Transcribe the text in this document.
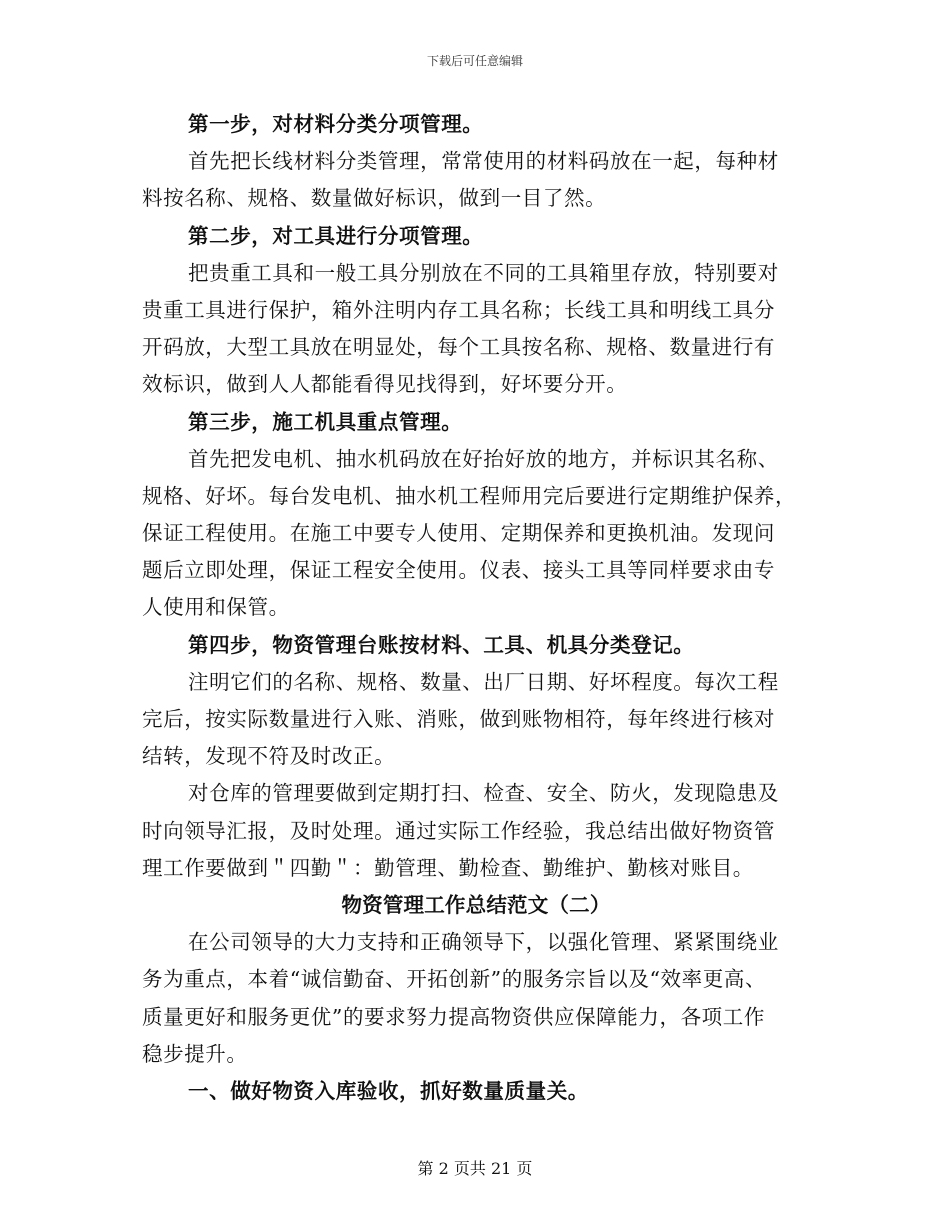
下载后可任意编辑
第一步，对材料分类分项管理。
首先把长线材料分类管理，常常使用的材料码放在一起，每种材
料按名称、规格、数量做好标识，做到一目了然。
第二步，对工具进行分项管理。
把贵重工具和一般工具分别放在不同的工具箱里存放，特别要对
贵重工具进行保护，箱外注明内存工具名称；长线工具和明线工具分
开码放，大型工具放在明显处，每个工具按名称、规格、数量进行有
效标识，做到人人都能看得见找得到，好坏要分开。
第三步，施工机具重点管理。
首先把发电机、抽水机码放在好抬好放的地方，并标识其名称、
规格、好坏。每台发电机、抽水机工程师用完后要进行定期维护保养，
保证工程使用。在施工中要专人使用、定期保养和更换机油。发现问
题后立即处理，保证工程安全使用。仪表、接头工具等同样要求由专
人使用和保管。
第四步，物资管理台账按材料、工具、机具分类登记。
注明它们的名称、规格、数量、出厂日期、好坏程度。每次工程
完后，按实际数量进行入账、消账，做到账物相符，每年终进行核对
结转，发现不符及时改正。
对仓库的管理要做到定期打扫、检查、安全、防火，发现隐患及
时向领导汇报，及时处理。通过实际工作经验，我总结出做好物资管
理工作要做到＂四勤＂：勤管理、勤检查、勤维护、勤核对账目。
物资管理工作总结范文（二）
在公司领导的大力支持和正确领导下，以强化管理、紧紧围绕业
务为重点，本着“诚信勤奋、开拓创新”的服务宗旨以及“效率更高、
质量更好和服务更优”的要求努力提高物资供应保障能力，各项工作
稳步提升。
一、做好物资入库验收，抓好数量质量关。
第 2 页共 21 页
